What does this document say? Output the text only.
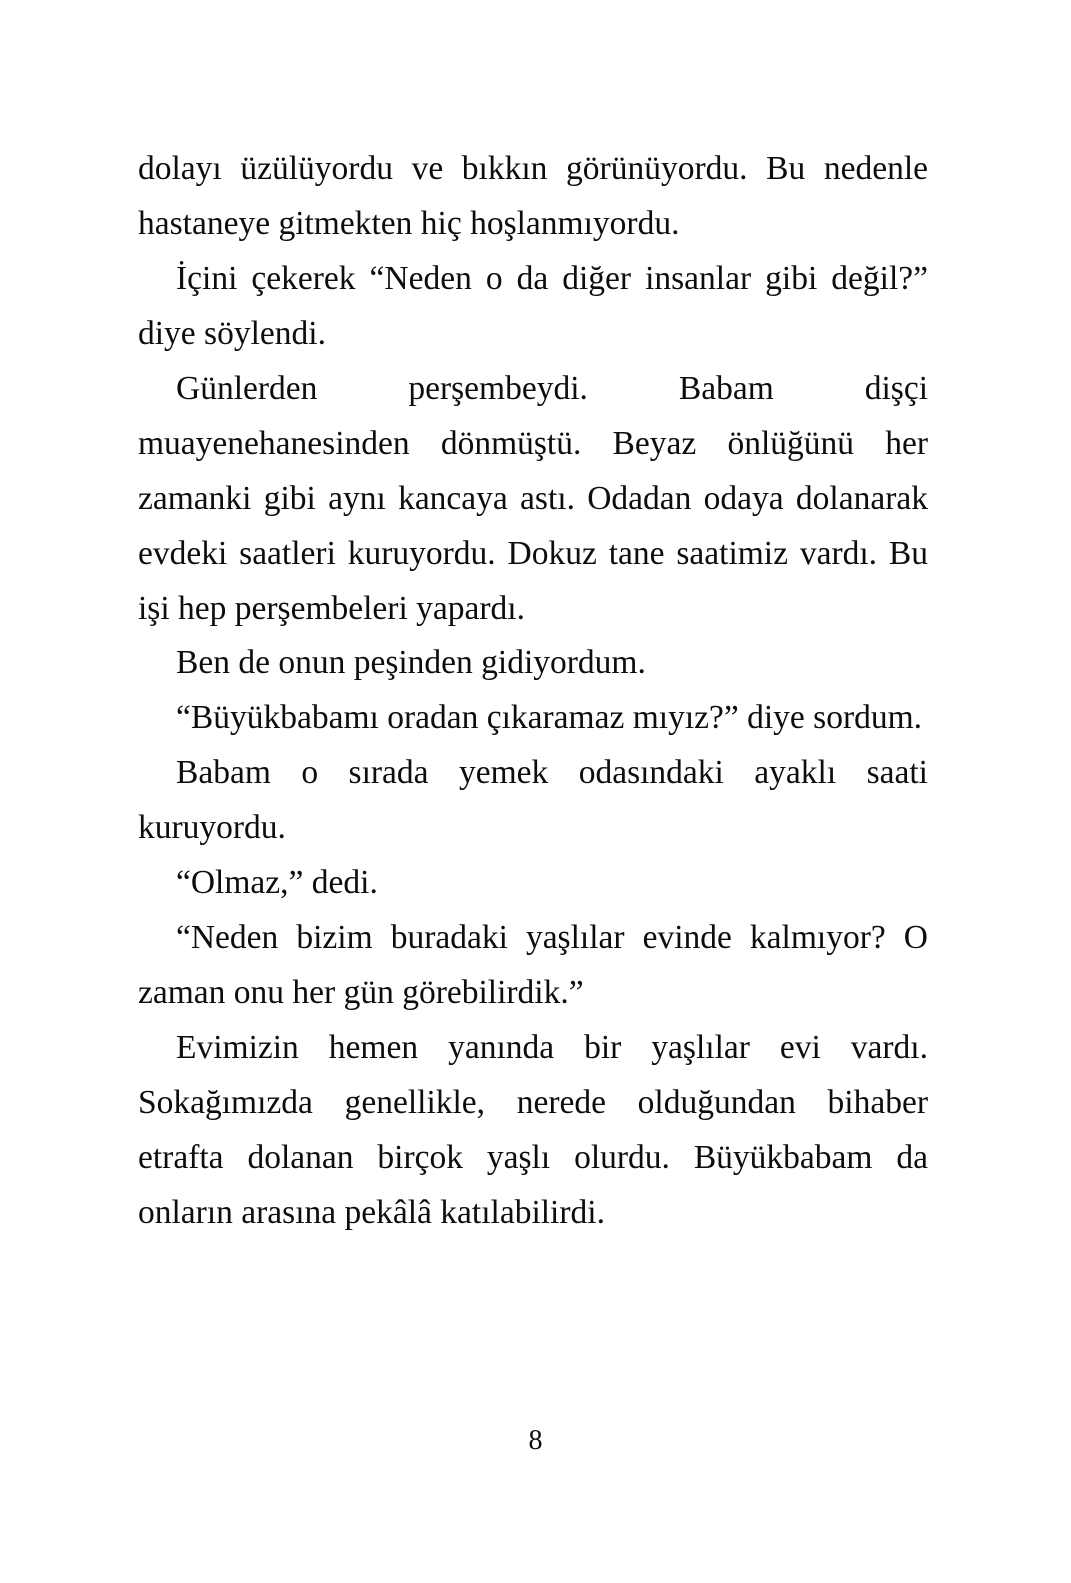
dolayı üzülüyordu ve bıkkın görünüyordu. Bu nedenle hastaneye gitmekten hiç hoşlanmıyordu.

İçini çekerek “Neden o da diğer insanlar gibi değil?” diye söylendi.

Günlerden perşembeydi. Babam dişçi muayenehanesinden dönmüştü. Beyaz önlüğünü her zamanki gibi aynı kancaya astı. Odadan odaya dolanarak evdeki saatleri kuruyordu. Dokuz tane saatimiz vardı. Bu işi hep perşembeleri yapardı.

Ben de onun peşinden gidiyordum.

“Büyükbabamı oradan çıkaramaz mıyız?” diye sordum.

Babam o sırada yemek odasındaki ayaklı saati kuruyordu.

“Olmaz,” dedi.

“Neden bizim buradaki yaşlılar evinde kalmıyor? O zaman onu her gün görebilirdik.”

Evimizin hemen yanında bir yaşlılar evi vardı. Sokağımızda genellikle, nerede olduğundan bihaber etrafta dolanan birçok yaşlı olurdu. Büyükbabam da onların arasına pekâlâ katılabilirdi.

8
